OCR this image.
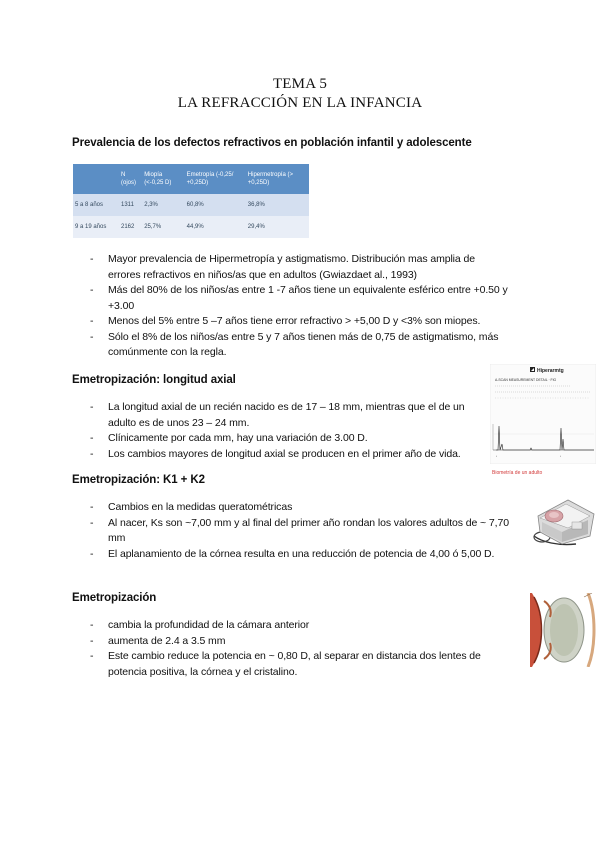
TEMA 5
LA REFRACCIÓN EN LA INFANCIA
Prevalencia de los defectos refractivos en población infantil y adolescente
	N (ojos)	Miopía (<-0,25 D)	Emetropía (-0,25/ +0,25D)	Hipermetropía (> +0,25D)
5 a 8 años	1311	2,3%	60,8%	36,8%
9 a 19 años	2162	25,7%	44,9%	29,4%
- Mayor prevalencia de Hipermetropía y astigmatismo. Distribución mas amplia de errores refractivos en niños/as que en adultos (Gwiazdaet al., 1993)
- Más del 80% de los niños/as entre 1 -7 años tiene un equivalente esférico entre +0.50 y +3.00
- Menos del 5% entre 5 –7 años tiene error refractivo > +5,00 D y <3% son miopes.
- Sólo el 8% de los niños/as entre 5 y 7 años tienen más de 0,75 de astigmatismo, más comúnmente con la regla.
Emetropización: longitud axial
- La longitud axial de un recién nacido es de 17 – 18 mm, mientras que el de un adulto es de unos 23 – 24 mm.
- Clínicamente por cada mm, hay una variación de 3.00 D.
- Los cambios mayores de longitud axial se producen en el primer año de vida.
Hiperarmtg
A-SCAN MEASUREMENT DETAIL · FIG
•	•
Biometría de un adulto
Emetropización: K1 + K2
- Cambios en la medidas queratométricas
- Al nacer, Ks son ~7,00 mm y al final del primer año rondan los valores adultos de ~ 7,70 mm
- El aplanamiento de la córnea resulta en una reducción de potencia de 4,00 ó 5,00 D.
Emetropización
- cambia la profundidad de la cámara anterior
- aumenta de 2.4 a 3.5 mm
- Este cambio reduce la potencia en ~ 0,80 D, al separar en distancia dos lentes de potencia positiva, la córnea y el cristalino.
